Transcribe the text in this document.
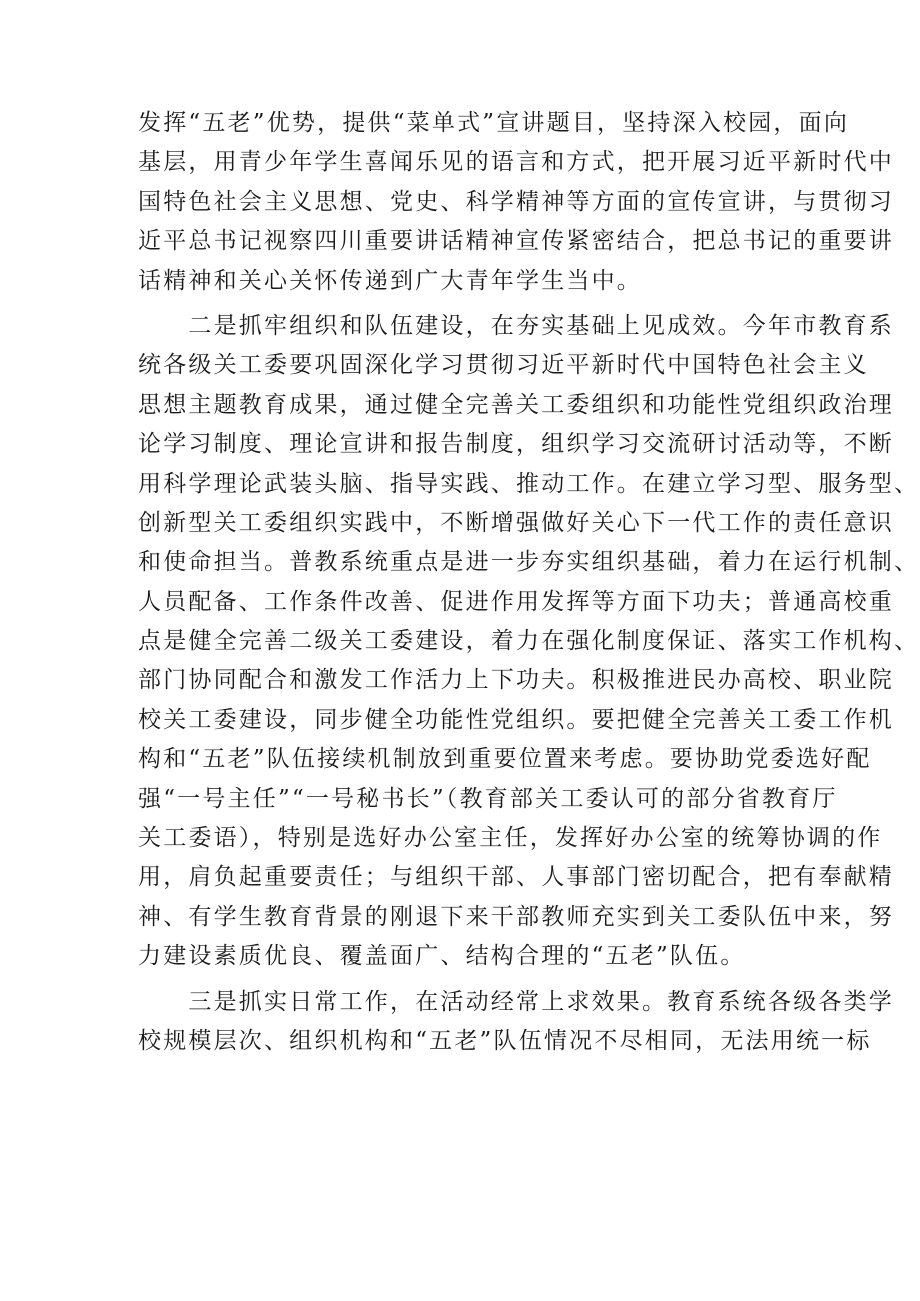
发挥“五老”优势，提供“菜单式”宣讲题目，坚持深入校园，面向
基层，用青少年学生喜闻乐见的语言和方式，把开展习近平新时代中
国特色社会主义思想、党史、科学精神等方面的宣传宣讲，与贯彻习
近平总书记视察四川重要讲话精神宣传紧密结合，把总书记的重要讲
话精神和关心关怀传递到广大青年学生当中。
　　二是抓牢组织和队伍建设，在夯实基础上见成效。今年市教育系
统各级关工委要巩固深化学习贯彻习近平新时代中国特色社会主义
思想主题教育成果，通过健全完善关工委组织和功能性党组织政治理
论学习制度、理论宣讲和报告制度，组织学习交流研讨活动等，不断
用科学理论武装头脑、指导实践、推动工作。在建立学习型、服务型、
创新型关工委组织实践中，不断增强做好关心下一代工作的责任意识
和使命担当。普教系统重点是进一步夯实组织基础，着力在运行机制、
人员配备、工作条件改善、促进作用发挥等方面下功夫；普通高校重
点是健全完善二级关工委建设，着力在强化制度保证、落实工作机构、
部门协同配合和激发工作活力上下功夫。积极推进民办高校、职业院
校关工委建设，同步健全功能性党组织。要把健全完善关工委工作机
构和“五老”队伍接续机制放到重要位置来考虑。要协助党委选好配
强“一号主任”“一号秘书长”（教育部关工委认可的部分省教育厅
关工委语），特别是选好办公室主任，发挥好办公室的统筹协调的作
用，肩负起重要责任；与组织干部、人事部门密切配合，把有奉献精
神、有学生教育背景的刚退下来干部教师充实到关工委队伍中来，努
力建设素质优良、覆盖面广、结构合理的“五老”队伍。
　　三是抓实日常工作，在活动经常上求效果。教育系统各级各类学
校规模层次、组织机构和“五老”队伍情况不尽相同，无法用统一标
